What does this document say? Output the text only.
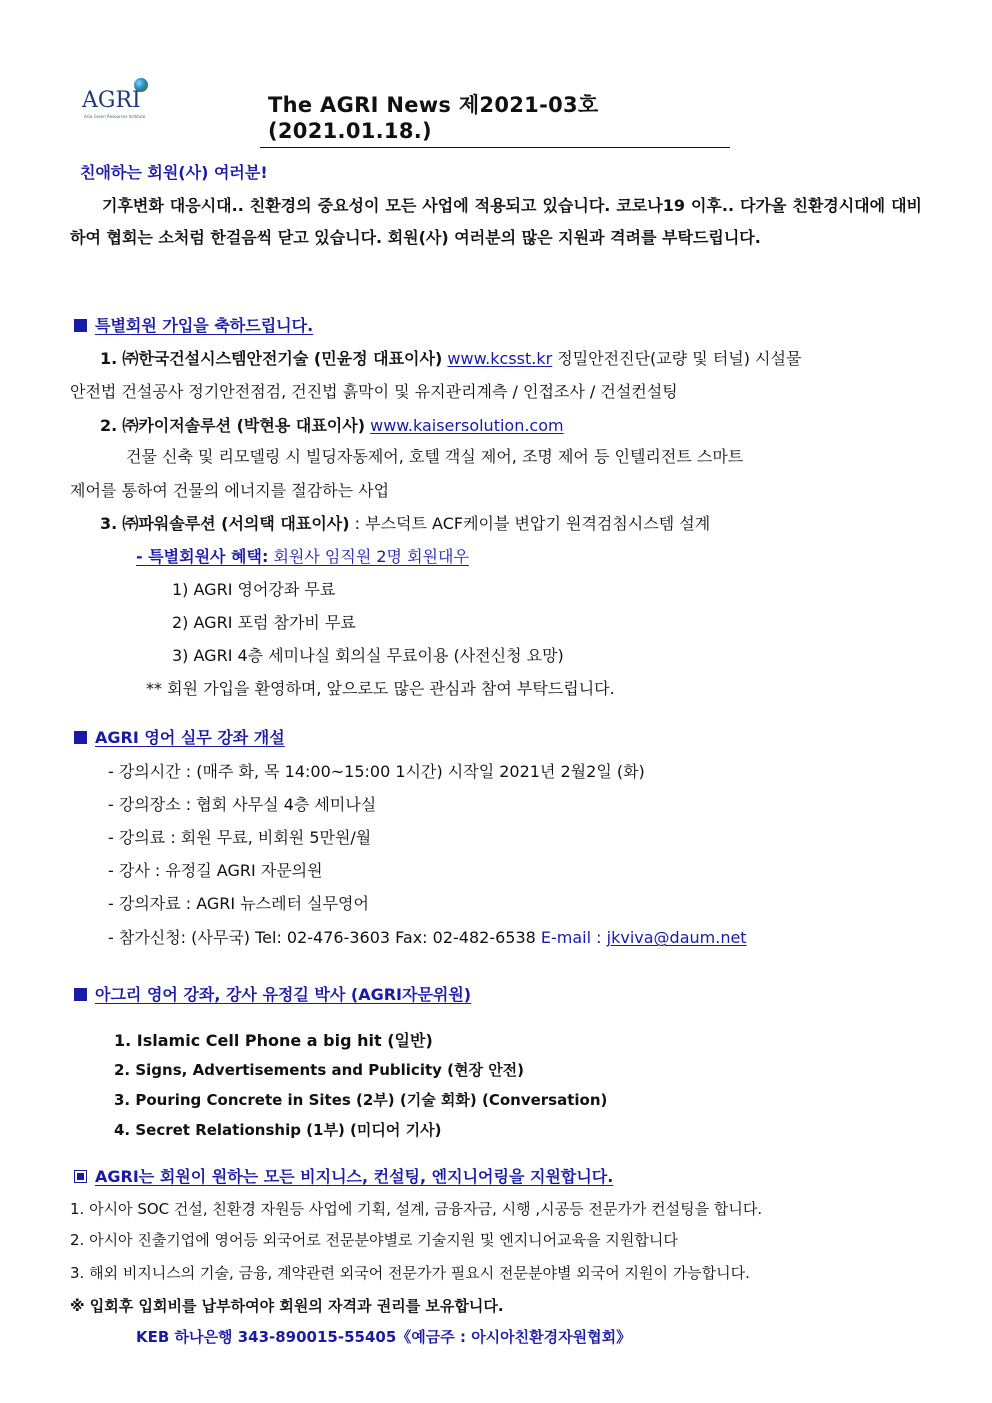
AGRI
Asia Green Resources Institute	The AGRI News 제2021-03호 (2021.01.18.)
친애하는 회원(사) 여러분!
기후변화 대응시대.. 친환경의 중요성이 모든 사업에 적용되고 있습니다. 코로나19 이후.. 다가올 친환경시대에 대비하여 협회는 소처럼 한걸음씩 닫고 있습니다. 회원(사) 여러분의 많은 지원과 격려를 부탁드립니다.
특별회원 가입을 축하드립니다.
1. ㈜한국건설시스템안전기술 (민윤정 대표이사) www.kcsst.kr 정밀안전진단(교량 및 터널) 시설물
안전법 건설공사 정기안전점검, 건진법 흙막이 및 유지관리계측 / 인접조사 / 건설컨설팅
2. ㈜카이저솔루션 (박현용 대표이사) www.kaisersolution.com
건물 신축 및 리모델링 시 빌딩자동제어, 호텔 객실 제어, 조명 제어 등 인텔리전트 스마트
제어를 통하여 건물의 에너지를 절감하는 사업
3. ㈜파워솔루션 (서의택 대표이사) : 부스덕트 ACF케이블 변압기 원격검침시스템 설계
- 특별회원사 혜택: 회원사 임직원 2명 회원대우
1) AGRI 영어강좌 무료
2) AGRI 포럼 참가비 무료
3) AGRI 4층 세미나실 회의실 무료이용 (사전신청 요망)
** 회원 가입을 환영하며, 앞으로도 많은 관심과 참여 부탁드립니다.
AGRI 영어 실무 강좌 개설
- 강의시간 : (매주 화, 목 14:00~15:00 1시간) 시작일 2021년 2월2일 (화)
- 강의장소 : 협회 사무실 4층 세미나실
- 강의료 : 회원 무료, 비회원 5만원/월
- 강사 : 유정길 AGRI 자문의원
- 강의자료 : AGRI 뉴스레터 실무영어
- 참가신청: (사무국) Tel: 02-476-3603 Fax: 02-482-6538 E-mail : jkviva@daum.net
아그리 영어 강좌, 강사 유정길 박사 (AGRI자문위원)
1. Islamic Cell Phone a big hit (일반)
2. Signs, Advertisements and Publicity (현장 안전)
3. Pouring Concrete in Sites (2부) (기술 회화) (Conversation)
4. Secret Relationship (1부) (미디어 기사)
AGRI는 회원이 원하는 모든 비지니스, 컨설팅, 엔지니어링을 지원합니다.
1. 아시아 SOC 건설, 친환경 자원등 사업에 기획, 설계, 금융자금, 시행 ,시공등 전문가가 컨설팅을 합니다.
2. 아시아 진출기업에 영어등 외국어로 전문분야별로 기술지원 및 엔지니어교육을 지원합니다
3. 해외 비지니스의 기술, 금융, 계약관련 외국어 전문가가 필요시 전문분야별 외국어 지원이 가능합니다.
※ 입회후 입회비를 납부하여야 회원의 자격과 권리를 보유합니다.
KEB 하나은행 343-890015-55405《예금주 : 아시아친환경자원협회》
